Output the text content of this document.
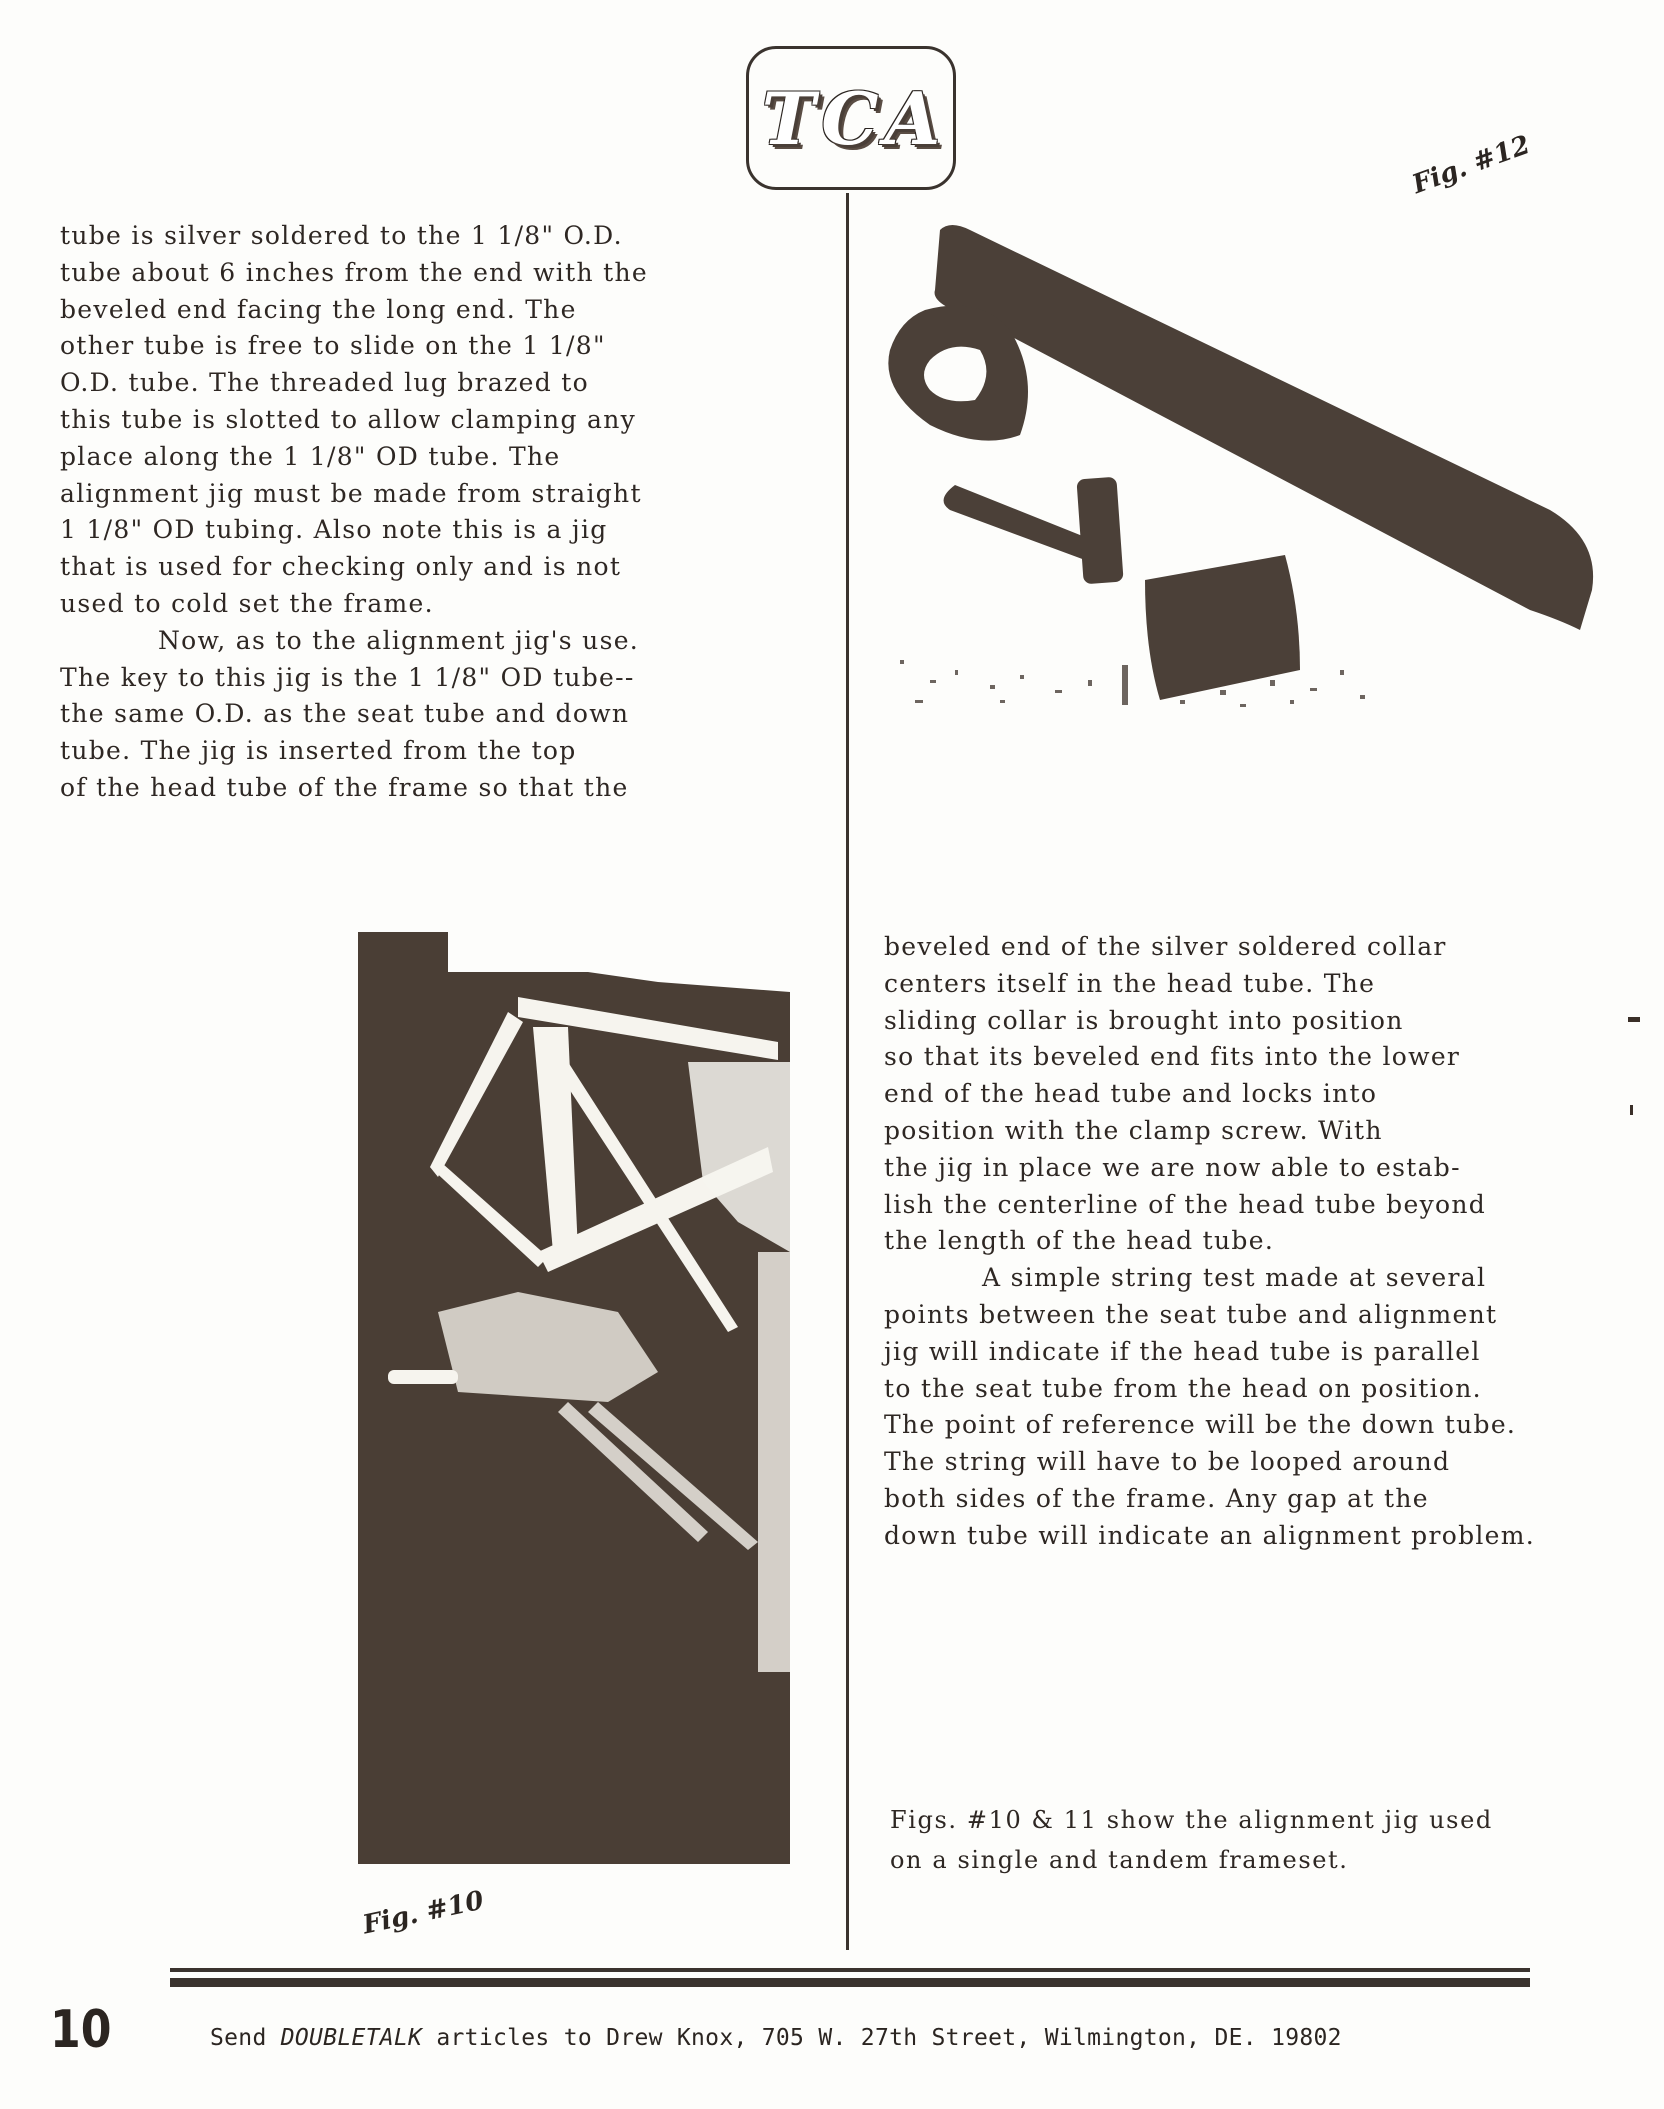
T C A
tube is silver soldered to the 1 1/8" O.D.
tube about 6 inches from the end with the
beveled end facing the long end. The
other tube is free to slide on the 1 1/8"
O.D. tube. The threaded lug brazed to
this tube is slotted to allow clamping any
place along the 1 1/8" OD tube. The
alignment jig must be made from straight
1 1/8" OD tubing. Also note this is a jig
that is used for checking only and is not
used to cold set the frame.
Now, as to the alignment jig's use.
The key to this jig is the 1 1/8" OD tube--
the same O.D. as the seat tube and down
tube. The jig is inserted from the top
of the head tube of the frame so that the
Fig. #12
beveled end of the silver soldered collar
centers itself in the head tube. The
sliding collar is brought into position
so that its beveled end fits into the lower
end of the head tube and locks into
position with the clamp screw. With
the jig in place we are now able to estab-
lish the centerline of the head tube beyond
the length of the head tube.
A simple string test made at several
points between the seat tube and alignment
jig will indicate if the head tube is parallel
to the seat tube from the head on position.
The point of reference will be the down tube.
The string will have to be looped around
both sides of the frame. Any gap at the
down tube will indicate an alignment problem.
Figs. #10 & 11 show the alignment jig used
on a single and tandem frameset.
Fig. #10
10	Send DOUBLETALK articles to Drew Knox, 705 W. 27th Street, Wilmington, DE. 19802
